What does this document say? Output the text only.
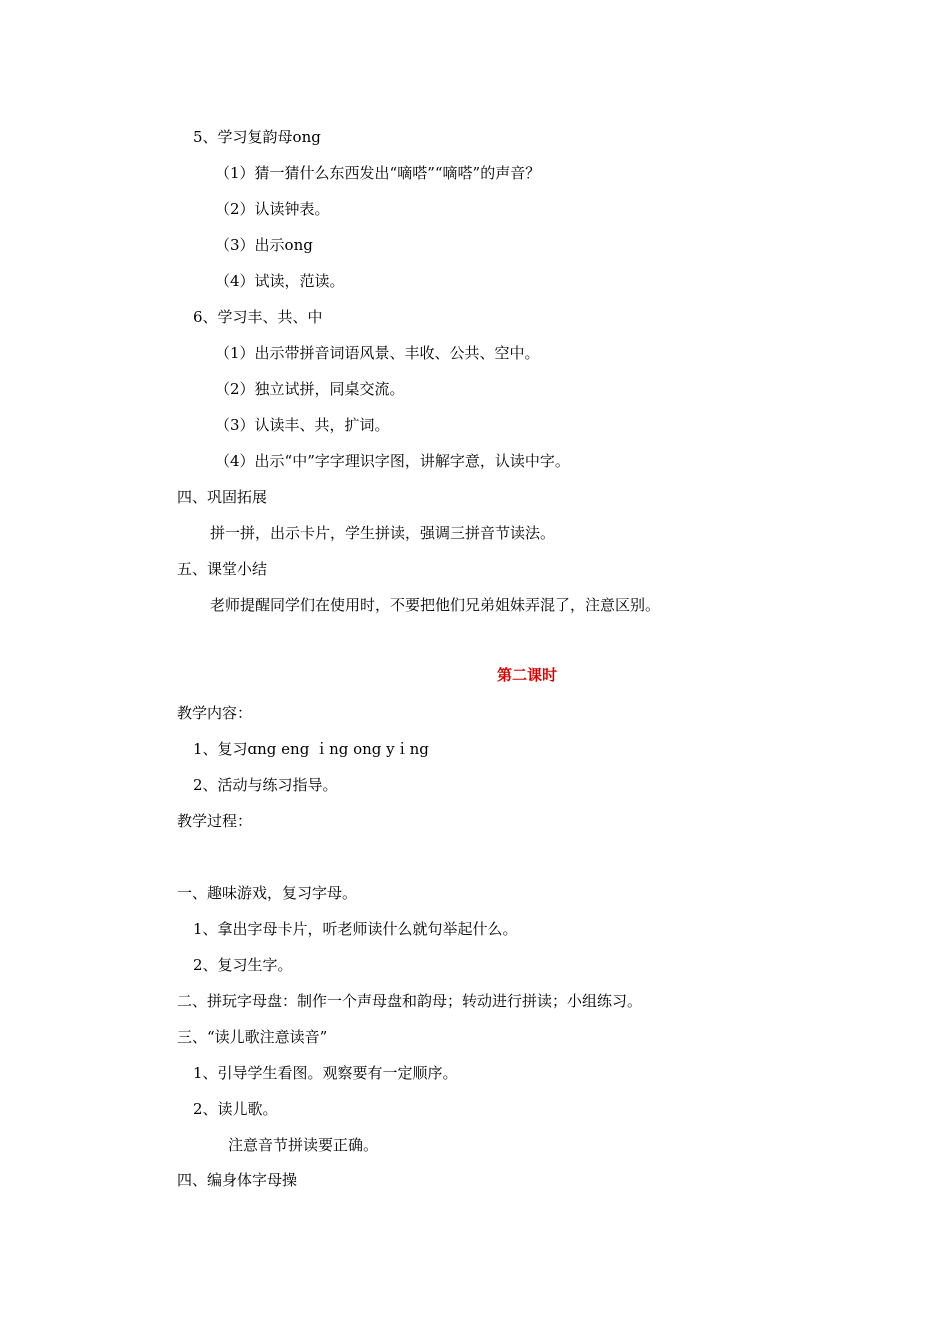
5、学习复韵母ong
（1）猜一猜什么东西发出“嘀嗒”“嘀嗒”的声音？
（2）认读钟表。
（3）出示ong
（4）试读，范读。
6、学习丰、共、中
（1）出示带拼音词语风景、丰收、公共、空中。
（2）独立试拼，同桌交流。
（3）认读丰、共，扩词。
（4）出示“中”字字理识字图，讲解字意，认读中字。
四、巩固拓展
拼一拼，出示卡片，学生拼读，强调三拼音节读法。
五、课堂小结
老师提醒同学们在使用时，不要把他们兄弟姐妹弄混了，注意区别。
第二课时
教学内容：
1、复习ɑng eng ｉng ong yｉng
2、活动与练习指导。
教学过程：
一、趣味游戏，复习字母。
1、拿出字母卡片，听老师读什么就句举起什么。
2、复习生字。
二、拼玩字母盘：制作一个声母盘和韵母；转动进行拼读；小组练习。
三、“读儿歌注意读音”
1、引导学生看图。观察要有一定顺序。
2、读儿歌。
注意音节拼读要正确。
四、编身体字母操
